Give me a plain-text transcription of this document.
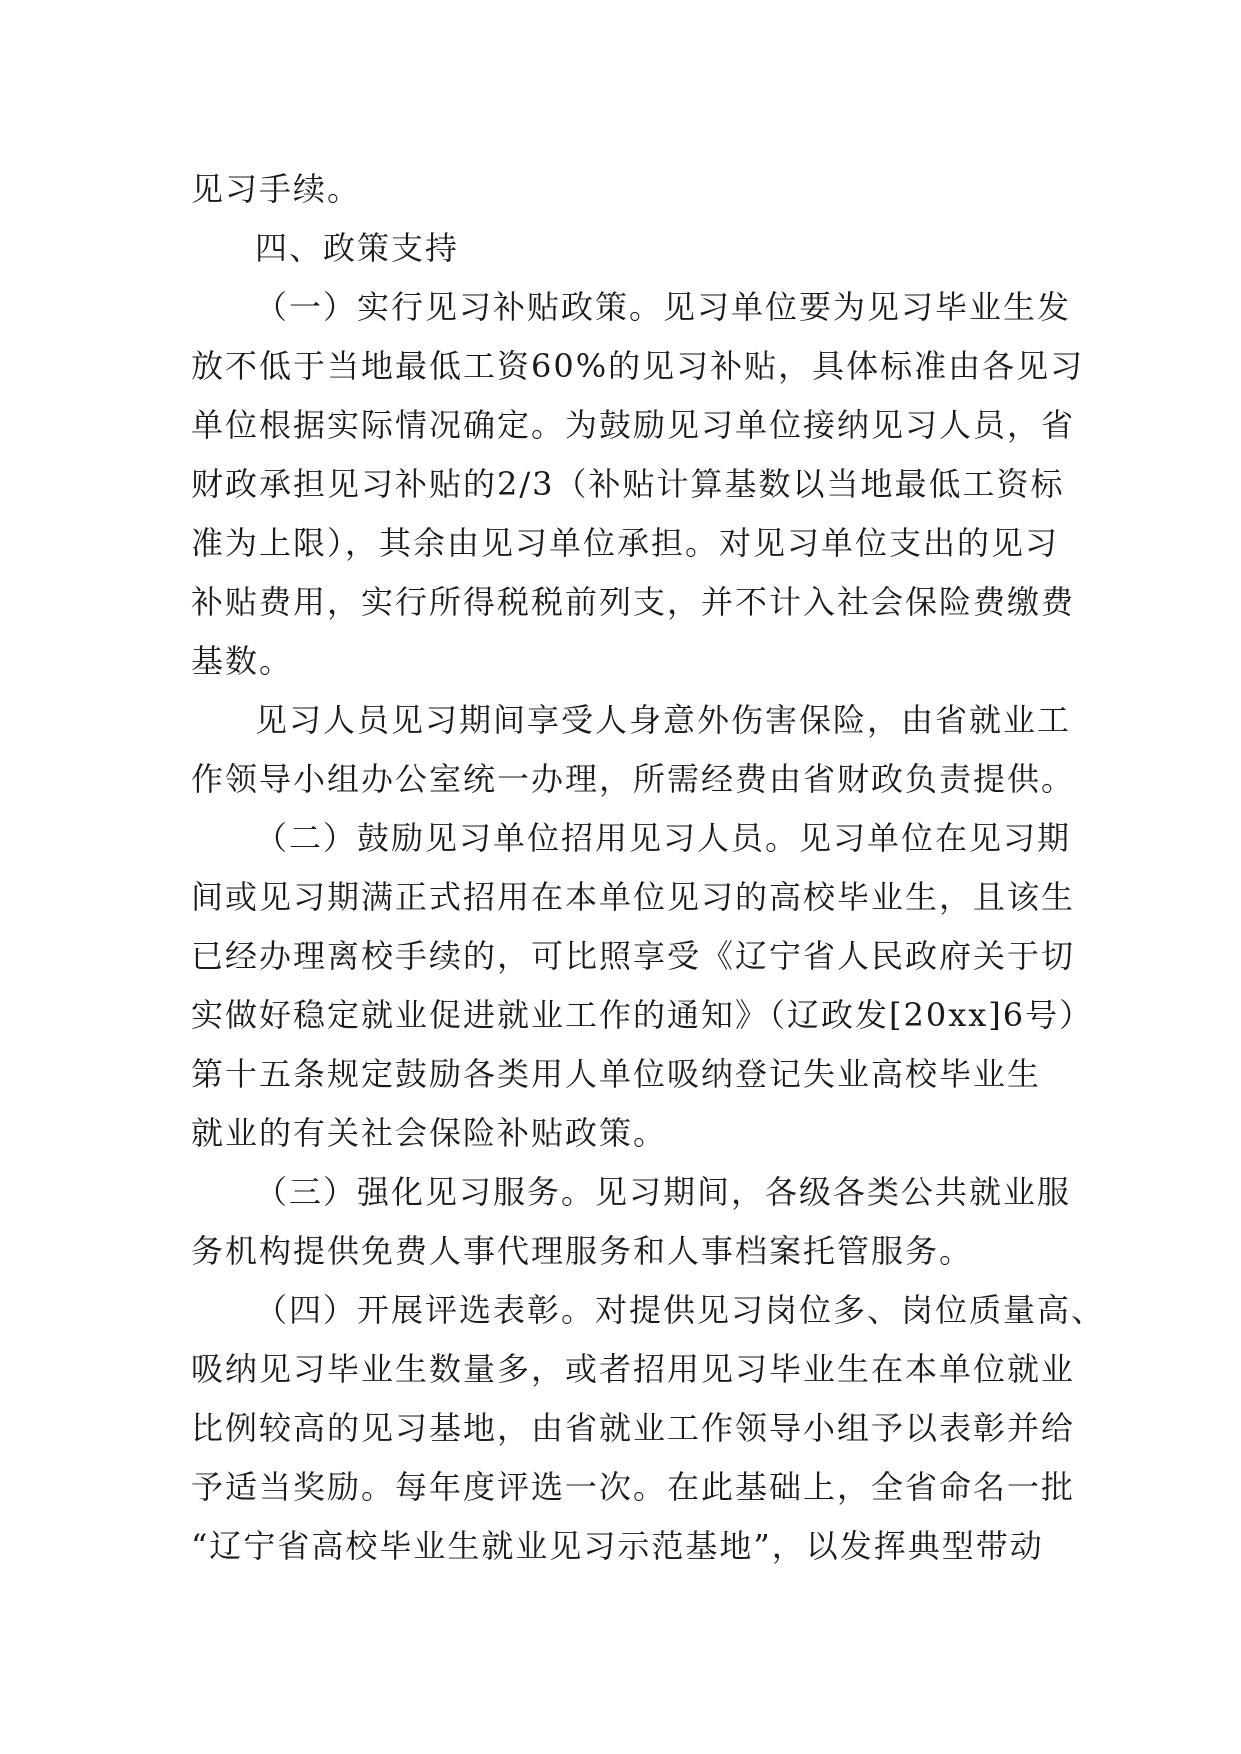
见习手续。
四、政策支持
（一）实行见习补贴政策。见习单位要为见习毕业生发
放不低于当地最低工资60%的见习补贴，具体标准由各见习
单位根据实际情况确定。为鼓励见习单位接纳见习人员，省
财政承担见习补贴的2/3（补贴计算基数以当地最低工资标
准为上限），其余由见习单位承担。对见习单位支出的见习
补贴费用，实行所得税税前列支，并不计入社会保险费缴费
基数。
见习人员见习期间享受人身意外伤害保险，由省就业工
作领导小组办公室统一办理，所需经费由省财政负责提供。
（二）鼓励见习单位招用见习人员。见习单位在见习期
间或见习期满正式招用在本单位见习的高校毕业生，且该生
已经办理离校手续的，可比照享受《辽宁省人民政府关于切
实做好稳定就业促进就业工作的通知》（辽政发[20xx]6号）
第十五条规定鼓励各类用人单位吸纳登记失业高校毕业生
就业的有关社会保险补贴政策。
（三）强化见习服务。见习期间，各级各类公共就业服
务机构提供免费人事代理服务和人事档案托管服务。
（四）开展评选表彰。对提供见习岗位多、岗位质量高、
吸纳见习毕业生数量多，或者招用见习毕业生在本单位就业
比例较高的见习基地，由省就业工作领导小组予以表彰并给
予适当奖励。每年度评选一次。在此基础上，全省命名一批
“辽宁省高校毕业生就业见习示范基地”，以发挥典型带动
